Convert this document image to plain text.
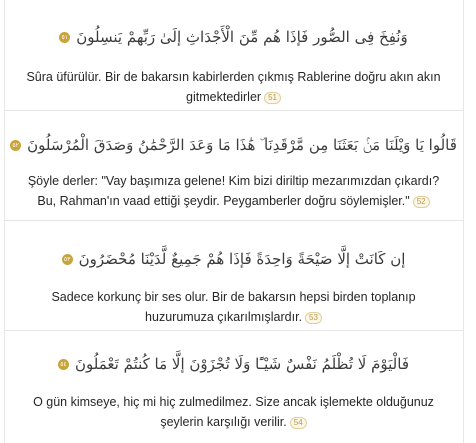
وَنُفِخَ فِى الصُّورِ فَإِذَا هُم مِّنَ الْأَجْدَاثِ إِلَىٰ رَبِّهِمْ يَنسِلُونَ٥١
Sûra üfürülür. Bir de bakarsın kabirlerden çıkmış Rablerine doğru akın akın gitmektedirler 51
قَالُوا يَا وَيْلَنَا مَنۢ بَعَثَنَا مِن مَّرْقَدِنَا ۜ هَٰذَا مَا وَعَدَ الرَّحْمَٰنُ وَصَدَقَ الْمُرْسَلُونَ٥٢
Şöyle derler: "Vay başımıza gelene! Kim bizi diriltip mezarımızdan çıkardı? Bu, Rahman'ın vaad ettiği şeydir. Peygamberler doğru söylemişler." 52
إِن كَانَتْ إِلَّا صَيْحَةً وَاحِدَةً فَإِذَا هُمْ جَمِيعٌ لَّدَيْنَا مُحْضَرُونَ٥٣
Sadece korkunç bir ses olur. Bir de bakarsın hepsi birden toplanıp huzurumuza çıkarılmışlardır. 53
فَالْيَوْمَ لَا تُظْلَمُ نَفْسٌ شَيْـًٔا وَلَا تُجْزَوْنَ إِلَّا مَا كُنتُمْ تَعْمَلُونَ٥٤
O gün kimseye, hiç mi hiç zulmedilmez. Size ancak işlemekte olduğunuz şeylerin karşılığı verilir. 54
